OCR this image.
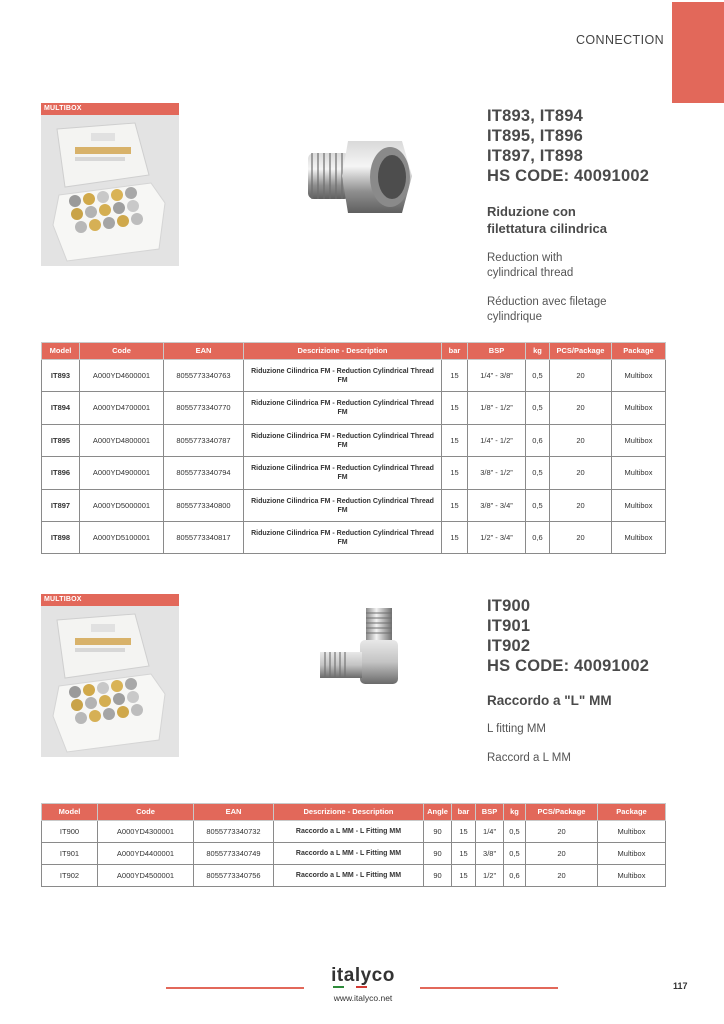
CONNECTION
MULTIBOX	IT893, IT894
IT895, IT896
IT897, IT898
HS CODE: 40091002
Riduzione con
filettatura cilindrica
Reduction with
cylindrical thread
Réduction avec filetage
cylindrique
Model	Code	EAN	Descrizione - Description	bar	BSP	kg	PCS/Package	Package
IT893	A000YD4600001	8055773340763	Riduzione Cilindrica FM - Reduction Cylindrical Thread FM	15	1/4” - 3/8”	0,5	20	Multibox
IT894	A000YD4700001	8055773340770	Riduzione Cilindrica FM - Reduction Cylindrical Thread FM	15	1/8” - 1/2”	0,5	20	Multibox
IT895	A000YD4800001	8055773340787	Riduzione Cilindrica FM - Reduction Cylindrical Thread FM	15	1/4” - 1/2”	0,6	20	Multibox
IT896	A000YD4900001	8055773340794	Riduzione Cilindrica FM - Reduction Cylindrical Thread FM	15	3/8” - 1/2”	0,5	20	Multibox
IT897	A000YD5000001	8055773340800	Riduzione Cilindrica FM - Reduction Cylindrical Thread FM	15	3/8” - 3/4”	0,5	20	Multibox
IT898	A000YD5100001	8055773340817	Riduzione Cilindrica FM - Reduction Cylindrical Thread FM	15	1/2” - 3/4”	0,6	20	Multibox
MULTIBOX	IT900
IT901
IT902
HS CODE: 40091002
Raccordo a "L" MM
L fitting MM
Raccord a L MM
Model	Code	EAN	Descrizione - Description	Angle	bar	BSP	kg	PCS/Package	Package
IT900	A000YD4300001	8055773340732	Raccordo a L MM - L Fitting MM	90	15	1/4”	0,5	20	Multibox
IT901	A000YD4400001	8055773340749	Raccordo a L MM - L Fitting MM	90	15	3/8”	0,5	20	Multibox
IT902	A000YD4500001	8055773340756	Raccordo a L MM - L Fitting MM	90	15	1/2”	0,6	20	Multibox
italyco
www.italyco.net
117
